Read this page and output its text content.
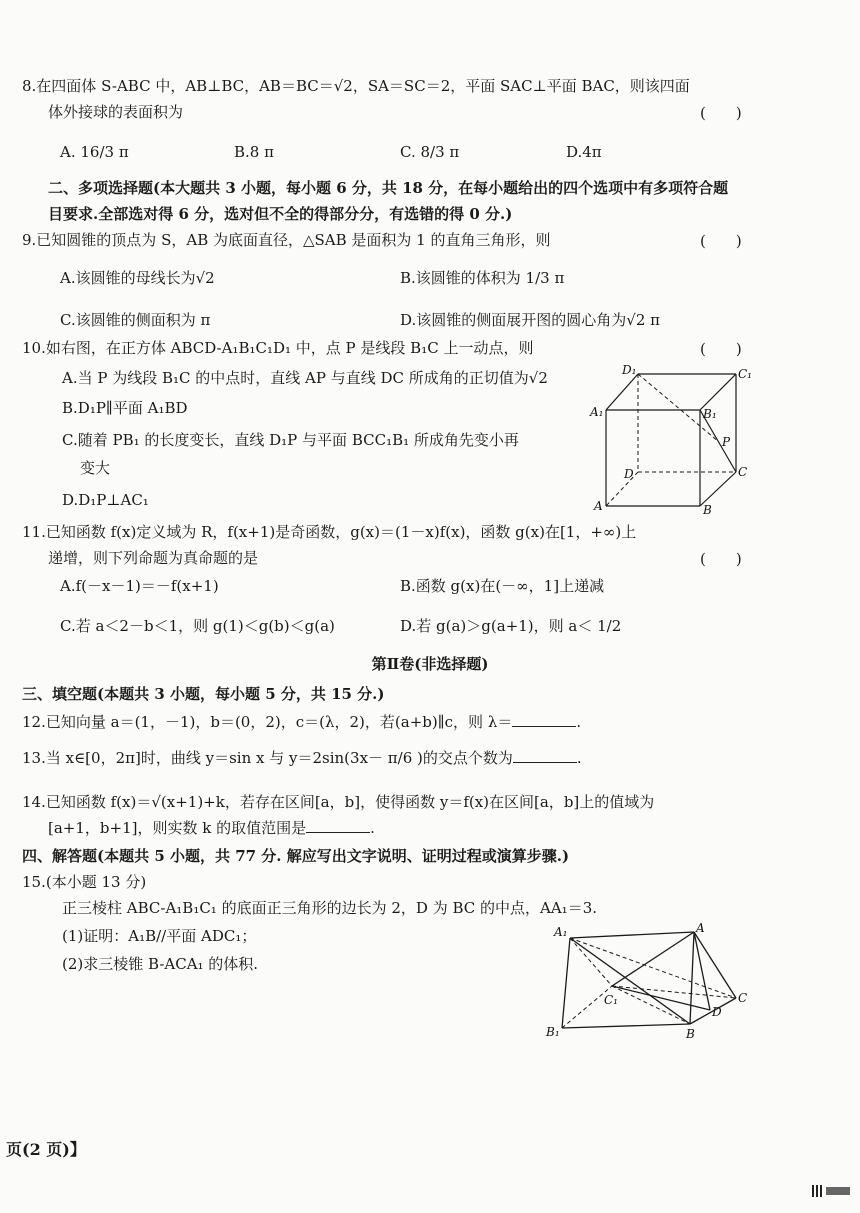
8.在四面体 S-ABC 中，AB⊥BC，AB＝BC＝√2，SA＝SC＝2，平面 SAC⊥平面 BAC，则该四面
体外接球的表面积为	(　　)
A. 16/3 π	B.8 π	C. 8/3 π	D.4π
二、多项选择题(本大题共 3 小题，每小题 6 分，共 18 分，在每小题给出的四个选项中有多项符合题
目要求.全部选对得 6 分，选对但不全的得部分分，有选错的得 0 分.)
9.已知圆锥的顶点为 S，AB 为底面直径，△SAB 是面积为 1 的直角三角形，则	(　　)
A.该圆锥的母线长为√2	B.该圆锥的体积为 1/3 π
C.该圆锥的侧面积为 π	D.该圆锥的侧面展开图的圆心角为√2 π
10.如右图，在正方体 ABCD-A₁B₁C₁D₁ 中，点 P 是线段 B₁C 上一动点，则	(　　)
A.当 P 为线段 B₁C 的中点时，直线 AP 与直线 DC 所成角的正切值为√2
B.D₁P∥平面 A₁BD
C.随着 PB₁ 的长度变长，直线 D₁P 与平面 BCC₁B₁ 所成角先变小再
变大
D.D₁P⊥AC₁
D₁	C₁
A₁	B₁
P
D	C
A	B
11.已知函数 f(x)定义域为 R，f(x+1)是奇函数，g(x)＝(1－x)f(x)，函数 g(x)在[1，+∞)上
递增，则下列命题为真命题的是	(　　)
A.f(－x－1)＝－f(x+1)	B.函数 g(x)在(－∞，1]上递减
C.若 a＜2－b＜1，则 g(1)＜g(b)＜g(a)	D.若 g(a)＞g(a+1)，则 a＜ 1/2
第Ⅱ卷(非选择题)
三、填空题(本题共 3 小题，每小题 5 分，共 15 分.)
12.已知向量 a＝(1，－1)，b＝(0，2)，c＝(λ，2)，若(a+b)∥c，则 λ＝	.
13.当 x∈[0，2π]时，曲线 y＝sin x 与 y＝2sin(3x－ π/6 )的交点个数为	.
14.已知函数 f(x)＝√(x+1)+k，若存在区间[a，b]，使得函数 y＝f(x)在区间[a，b]上的值域为
[a+1，b+1]，则实数 k 的取值范围是	.
四、解答题(本题共 5 小题，共 77 分. 解应写出文字说明、证明过程或演算步骤.)
15.(本小题 13 分)
正三棱柱 ABC-A₁B₁C₁ 的底面正三角形的边长为 2，D 为 BC 的中点，AA₁＝3.
(1)证明：A₁B//平面 ADC₁；
(2)求三棱锥 B-ACA₁ 的体积.
A₁	A
C₁	C
D
B₁	B
页(2 页)】
